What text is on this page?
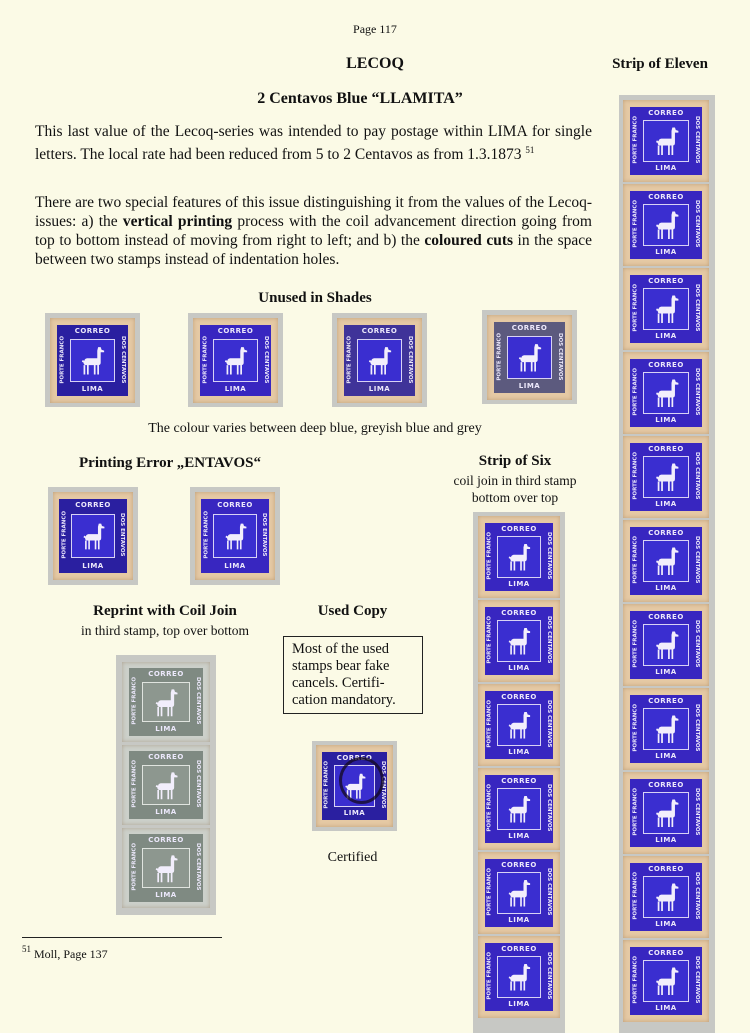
Page 117
LECOQ
2 Centavos Blue “LLAMITA”
This last value of the Lecoq-series was intended to pay postage within LIMA for single letters. The local rate had been reduced from 5 to 2 Centavos as from 1.3.1873 $^{51}$
There are two special features of this issue distinguishing it from the values of the Lecoq-issues: a) the vertical printing process with the coil advancement direction going from top to bottom instead of moving from right to left; and b) the coloured cuts in the space between two stamps instead of indentation holes.
Unused in Shades
The colour varies between deep blue, greyish blue and grey
Printing Error „ENTAVOS“	Strip of Six
coil join in third stamp
bottom over top
Strip of Eleven
Reprint with Coil Join
in third stamp, top over bottom
Used Copy
Most of the used
stamps bear fake
cancels. Certifi-
cation mandatory.
Certified
$^{51}$ Moll, Page 137
CORREO
PORTE FRANCO	DOS CENTAVOS
LIMA
CORREO
PORTE FRANCO	DOS CENTAVOS
LIMA
CORREO
PORTE FRANCO	DOS CENTAVOS
LIMA
CORREO
PORTE FRANCO	DOS CENTAVOS
LIMA
CORREO
PORTE FRANCO	DOS ENTAVOS
LIMA
CORREO
PORTE FRANCO	DOS ENTAVOS
LIMA
CORREO
PORTE FRANCO	DOS CENTAVOS
LIMA
CORREO
PORTE FRANCO	DOS CENTAVOS
LIMA
CORREO
PORTE FRANCO	DOS CENTAVOS
LIMA
CORREO
PORTE FRANCO	DOS CENTAVOS
LIMA
CORREO
PORTE FRANCO	DOS CENTAVOS
LIMA
CORREO
PORTE FRANCO	DOS CENTAVOS
LIMA
CORREO
PORTE FRANCO	DOS CENTAVOS
LIMA
CORREO
PORTE FRANCO	DOS CENTAVOS
LIMA
CORREO
PORTE FRANCO	DOS CENTAVOS
LIMA
CORREO
PORTE FRANCO	DOS CENTAVOS
LIMA
CORREO
PORTE FRANCO	DOS CENTAVOS
LIMA
CORREO
PORTE FRANCO	DOS CENTAVOS
LIMA
CORREO
PORTE FRANCO	DOS CENTAVOS
LIMA
CORREO
PORTE FRANCO	DOS CENTAVOS
LIMA
CORREO
PORTE FRANCO	DOS CENTAVOS
LIMA
CORREO
PORTE FRANCO	DOS CENTAVOS
LIMA
CORREO
PORTE FRANCO	DOS CENTAVOS
LIMA
CORREO
PORTE FRANCO	DOS CENTAVOS
LIMA
CORREO
PORTE FRANCO	DOS CENTAVOS
LIMA
CORREO
PORTE FRANCO	DOS CENTAVOS
LIMA
CORREO
PORTE FRANCO	DOS CENTAVOS
LIMA
